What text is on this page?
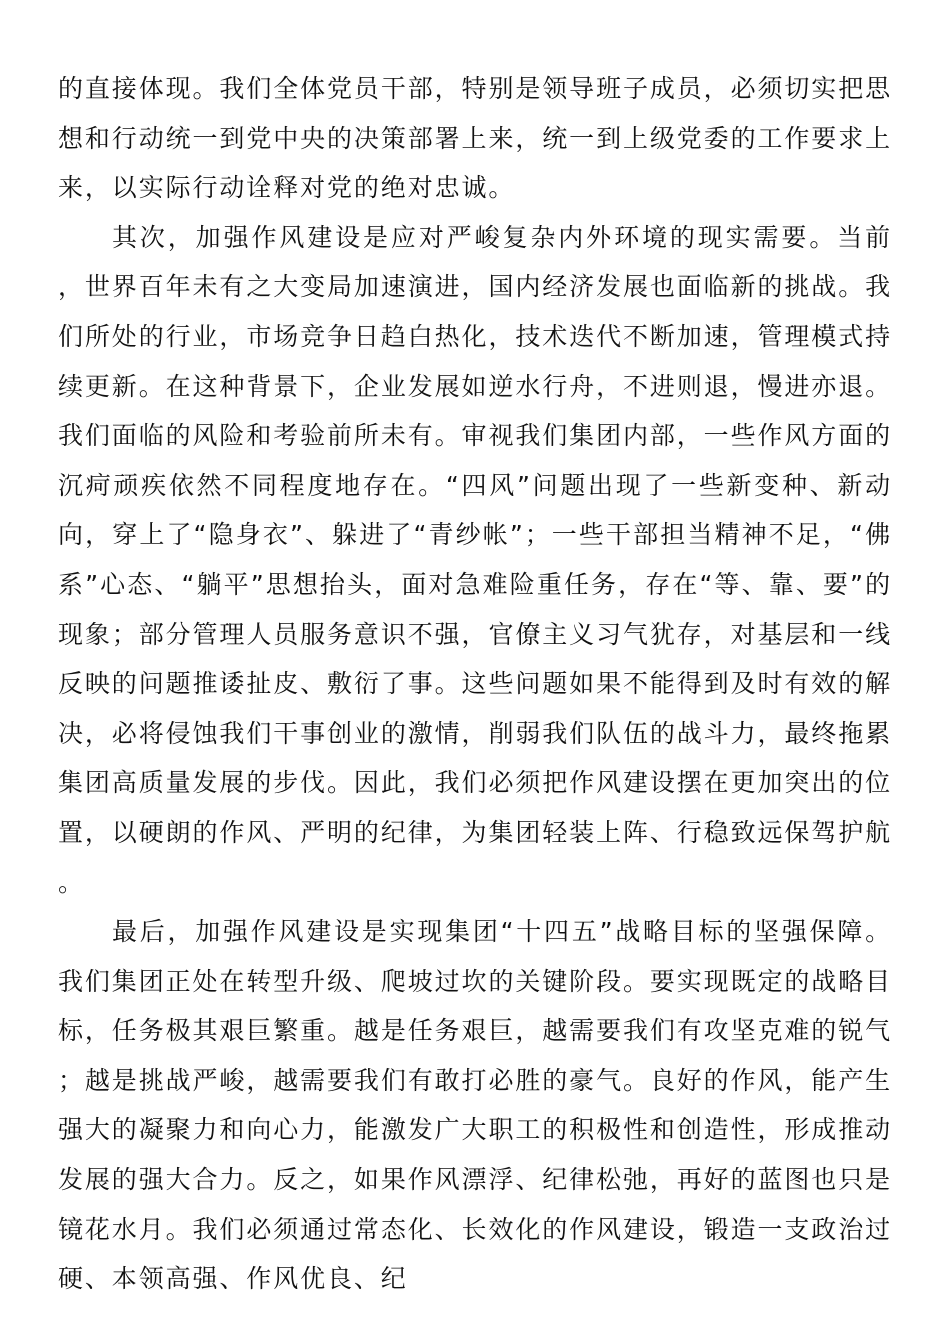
的直接体现。我们全体党员干部，特别是领导班子成员，必须切实把思想和行动统一到党中央的决策部署上来，统一到上级党委的工作要求上来，以实际行动诠释对党的绝对忠诚。

其次，加强作风建设是应对严峻复杂内外环境的现实需要。当前，世界百年未有之大变局加速演进，国内经济发展也面临新的挑战。我们所处的行业，市场竞争日趋白热化，技术迭代不断加速，管理模式持续更新。在这种背景下，企业发展如逆水行舟，不进则退，慢进亦退。我们面临的风险和考验前所未有。审视我们集团内部，一些作风方面的沉疴顽疾依然不同程度地存在。“四风”问题出现了一些新变种、新动向，穿上了“隐身衣”、躲进了“青纱帐”；一些干部担当精神不足，“佛系”心态、“躺平”思想抬头，面对急难险重任务，存在“等、靠、要”的现象；部分管理人员服务意识不强，官僚主义习气犹存，对基层和一线反映的问题推诿扯皮、敷衍了事。这些问题如果不能得到及时有效的解决，必将侵蚀我们干事创业的激情，削弱我们队伍的战斗力，最终拖累集团高质量发展的步伐。因此，我们必须把作风建设摆在更加突出的位置，以硬朗的作风、严明的纪律，为集团轻装上阵、行稳致远保驾护航。

最后，加强作风建设是实现集团“十四五”战略目标的坚强保障。我们集团正处在转型升级、爬坡过坎的关键阶段。要实现既定的战略目标，任务极其艰巨繁重。越是任务艰巨，越需要我们有攻坚克难的锐气；越是挑战严峻，越需要我们有敢打必胜的豪气。良好的作风，能产生强大的凝聚力和向心力，能激发广大职工的积极性和创造性，形成推动发展的强大合力。反之，如果作风漂浮、纪律松弛，再好的蓝图也只是镜花水月。我们必须通过常态化、长效化的作风建设，锻造一支政治过硬、本领高强、作风优良、纪
